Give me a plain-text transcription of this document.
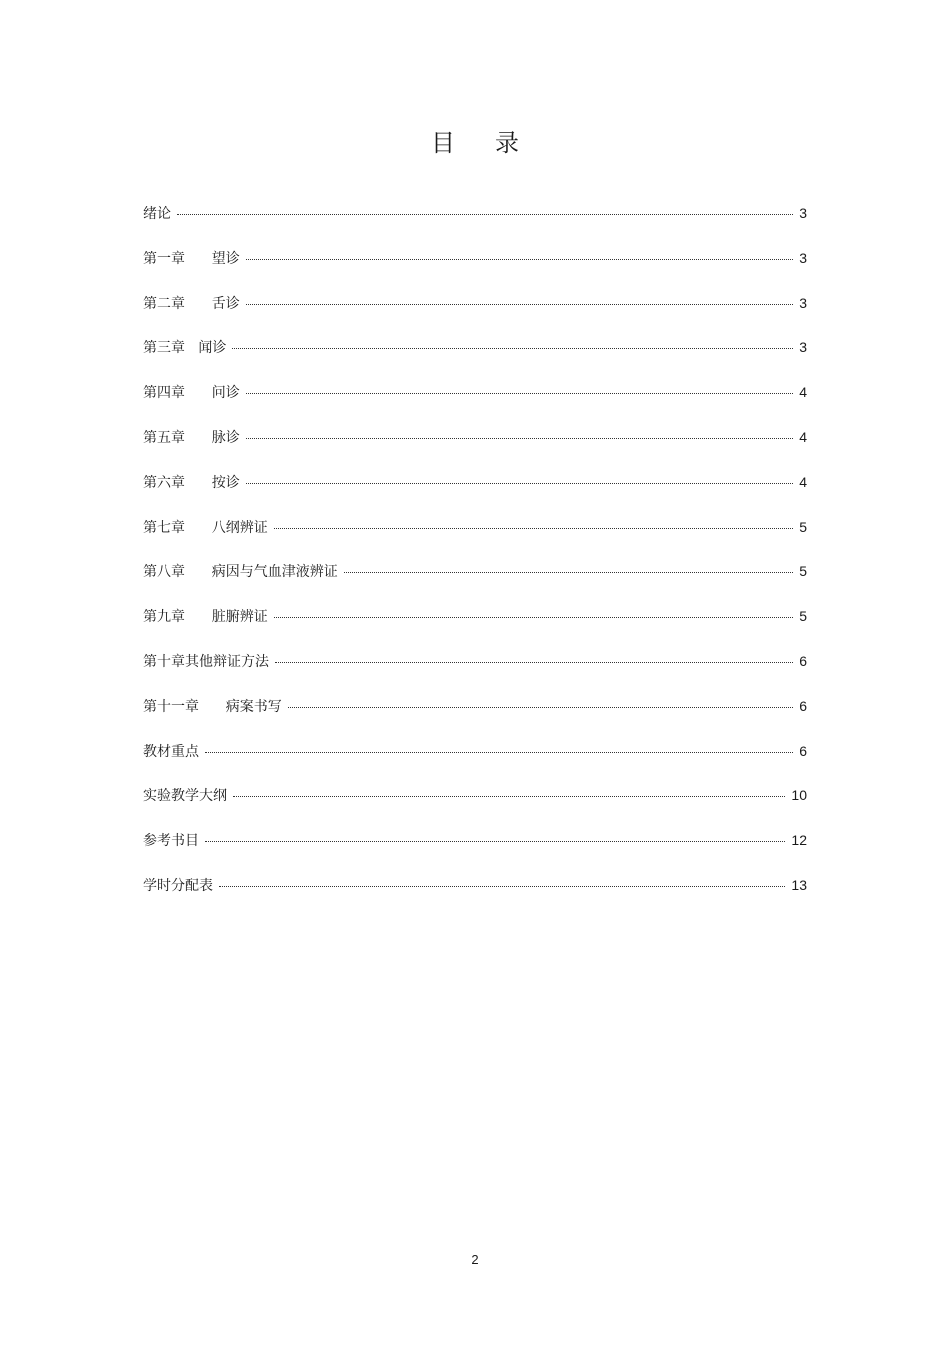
目录
绪论	3
第一章      望诊	3
第二章      舌诊	3
第三章   闻诊	3
第四章      问诊	4
第五章      脉诊	4
第六章      按诊	4
第七章      八纲辨证	5
第八章      病因与气血津液辨证	5
第九章      脏腑辨证	5
第十章其他辩证方法	6
第十一章      病案书写	6
教材重点	6
实验教学大纲	10
参考书目	12
学时分配表	13
2
